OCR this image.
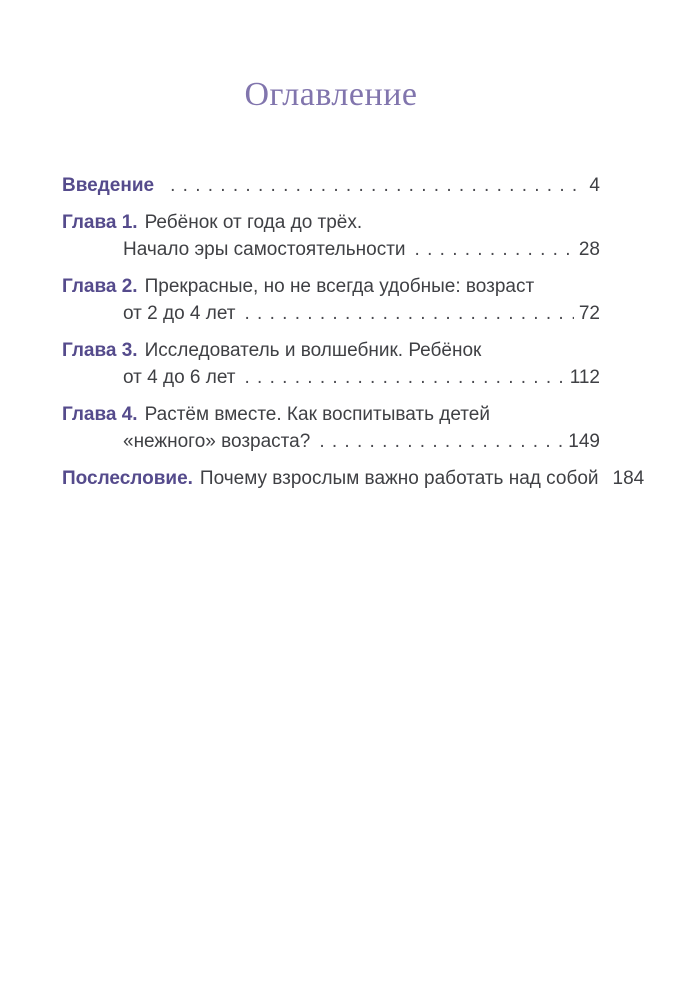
Оглавление
Введение . . .	4
Глава 1. Ребёнок от года до трёх.
Начало эры самостоятельности . . .	28
Глава 2. Прекрасные, но не всегда удобные: возраст
от 2 до 4 лет . . .	72
Глава 3. Исследователь и волшебник. Ребёнок
от 4 до 6 лет . . .	112
Глава 4. Растём вместе. Как воспитывать детей
«нежного» возраста? . . .	149
Послесловие. Почему взрослым важно работать над собой 184
